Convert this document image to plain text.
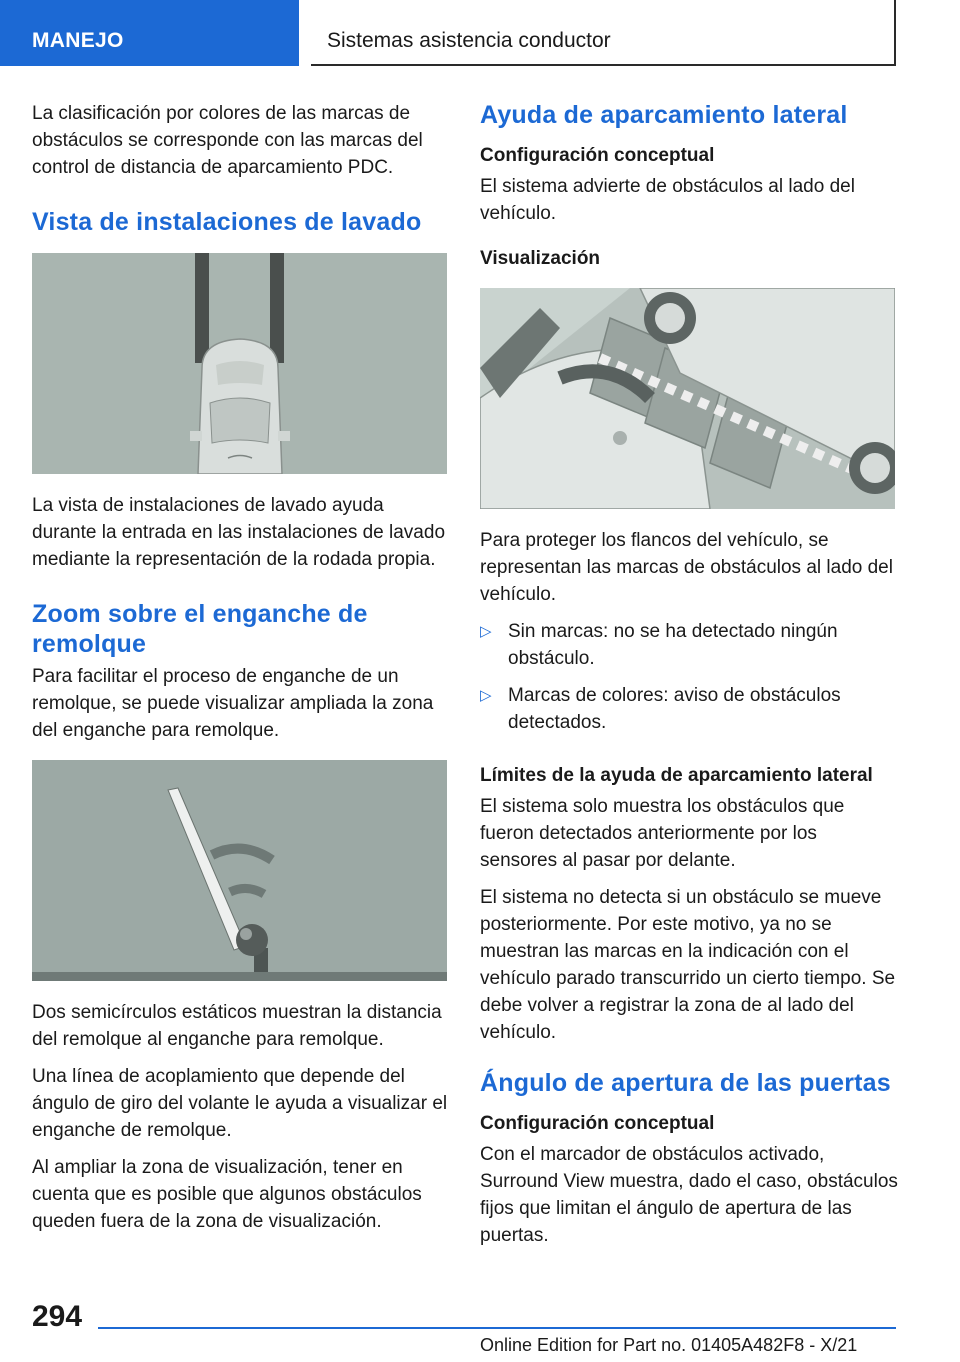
MANEJO	Sistemas asistencia conductor

La clasificación por colores de las marcas de obstáculos se corresponde con las marcas del control de distancia de aparcamiento PDC.

Vista de instalaciones de lavado

La vista de instalaciones de lavado ayuda durante la entrada en las instalaciones de lavado mediante la representación de la rodada propia.

Zoom sobre el enganche de remolque

Para facilitar el proceso de enganche de un remolque, se puede visualizar ampliada la zona del enganche para remolque.

Dos semicírculos estáticos muestran la distancia del remolque al enganche para remolque.

Una línea de acoplamiento que depende del ángulo de giro del volante le ayuda a visualizar el enganche de remolque.

Al ampliar la zona de visualización, tener en cuenta que es posible que algunos obstáculos queden fuera de la zona de visualización.

Ayuda de aparcamiento lateral
Configuración conceptual

El sistema advierte de obstáculos al lado del vehículo.

Visualización

Para proteger los flancos del vehículo, se representan las marcas de obstáculos al lado del vehículo.

▷ Sin marcas: no se ha detectado ningún obstáculo.
▷ Marcas de colores: aviso de obstáculos detectados.
Límites de la ayuda de aparcamiento lateral

El sistema solo muestra los obstáculos que fueron detectados anteriormente por los sensores al pasar por delante.

El sistema no detecta si un obstáculo se mueve posteriormente. Por este motivo, ya no se muestran las marcas en la indicación con el vehículo parado transcurrido un cierto tiempo. Se debe volver a registrar la zona de al lado del vehículo.

Ángulo de apertura de las puertas
Configuración conceptual

Con el marcador de obstáculos activado, Surround View muestra, dado el caso, obstáculos fijos que limitan el ángulo de apertura de las puertas.

294
Online Edition for Part no. 01405A482F8 - X/21
